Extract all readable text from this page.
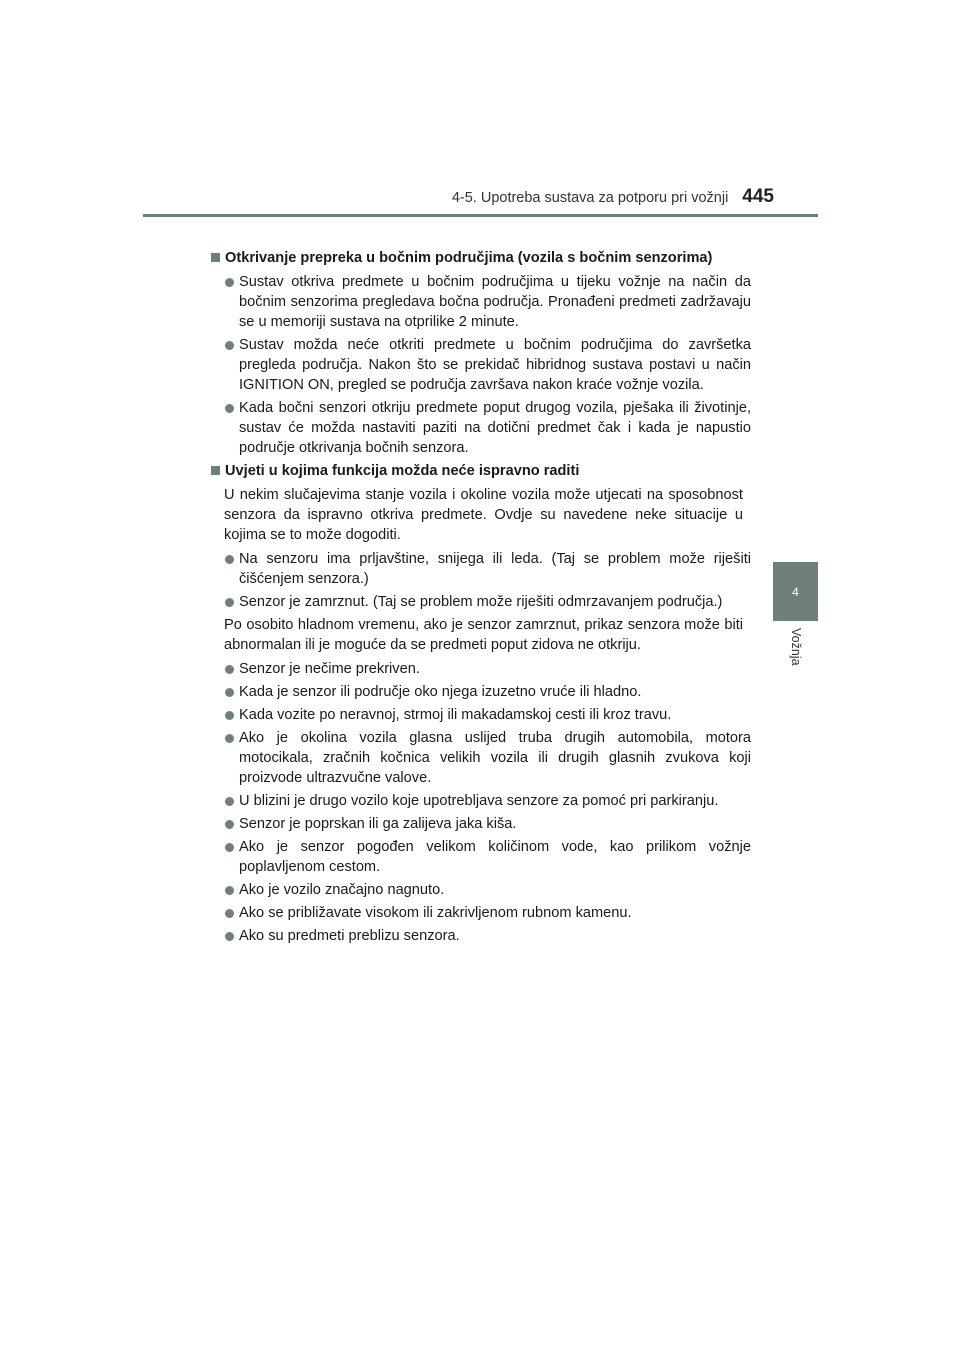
4-5. Upotreba sustava za potporu pri vožnji 445
4
Vožnja
Otkrivanje prepreka u bočnim područjima (vozila s bočnim senzorima)
Sustav otkriva predmete u bočnim područjima u tijeku vožnje na način da bočnim senzorima pregledava bočna područja. Pronađeni predmeti zadržavaju se u memoriji sustava na otprilike 2 minute.
Sustav možda neće otkriti predmete u bočnim područjima do završetka pregleda područja. Nakon što se prekidač hibridnog sustava postavi u način IGNITION ON, pregled se područja završava nakon kraće vožnje vozila.
Kada bočni senzori otkriju predmete poput drugog vozila, pješaka ili životinje, sustav će možda nastaviti paziti na dotični predmet čak i kada je napustio područje otkrivanja bočnih senzora.
Uvjeti u kojima funkcija možda neće ispravno raditi
U nekim slučajevima stanje vozila i okoline vozila može utjecati na sposobnost senzora da ispravno otkriva predmete. Ovdje su navedene neke situacije u kojima se to može dogoditi.
Na senzoru ima prljavštine, snijega ili leda. (Taj se problem može riješiti čišćenjem senzora.)
Senzor je zamrznut. (Taj se problem može riješiti odmrzavanjem područja.)
Po osobito hladnom vremenu, ako je senzor zamrznut, prikaz senzora može biti abnormalan ili je moguće da se predmeti poput zidova ne otkriju.
Senzor je nečime prekriven.
Kada je senzor ili područje oko njega izuzetno vruće ili hladno.
Kada vozite po neravnoj, strmoj ili makadamskoj cesti ili kroz travu.
Ako je okolina vozila glasna uslijed truba drugih automobila, motora motocikala, zračnih kočnica velikih vozila ili drugih glasnih zvukova koji proizvode ultrazvučne valove.
U blizini je drugo vozilo koje upotrebljava senzore za pomoć pri parkiranju.
Senzor je poprskan ili ga zalijeva jaka kiša.
Ako je senzor pogođen velikom količinom vode, kao prilikom vožnje poplavljenom cestom.
Ako je vozilo značajno nagnuto.
Ako se približavate visokom ili zakrivljenom rubnom kamenu.
Ako su predmeti preblizu senzora.
